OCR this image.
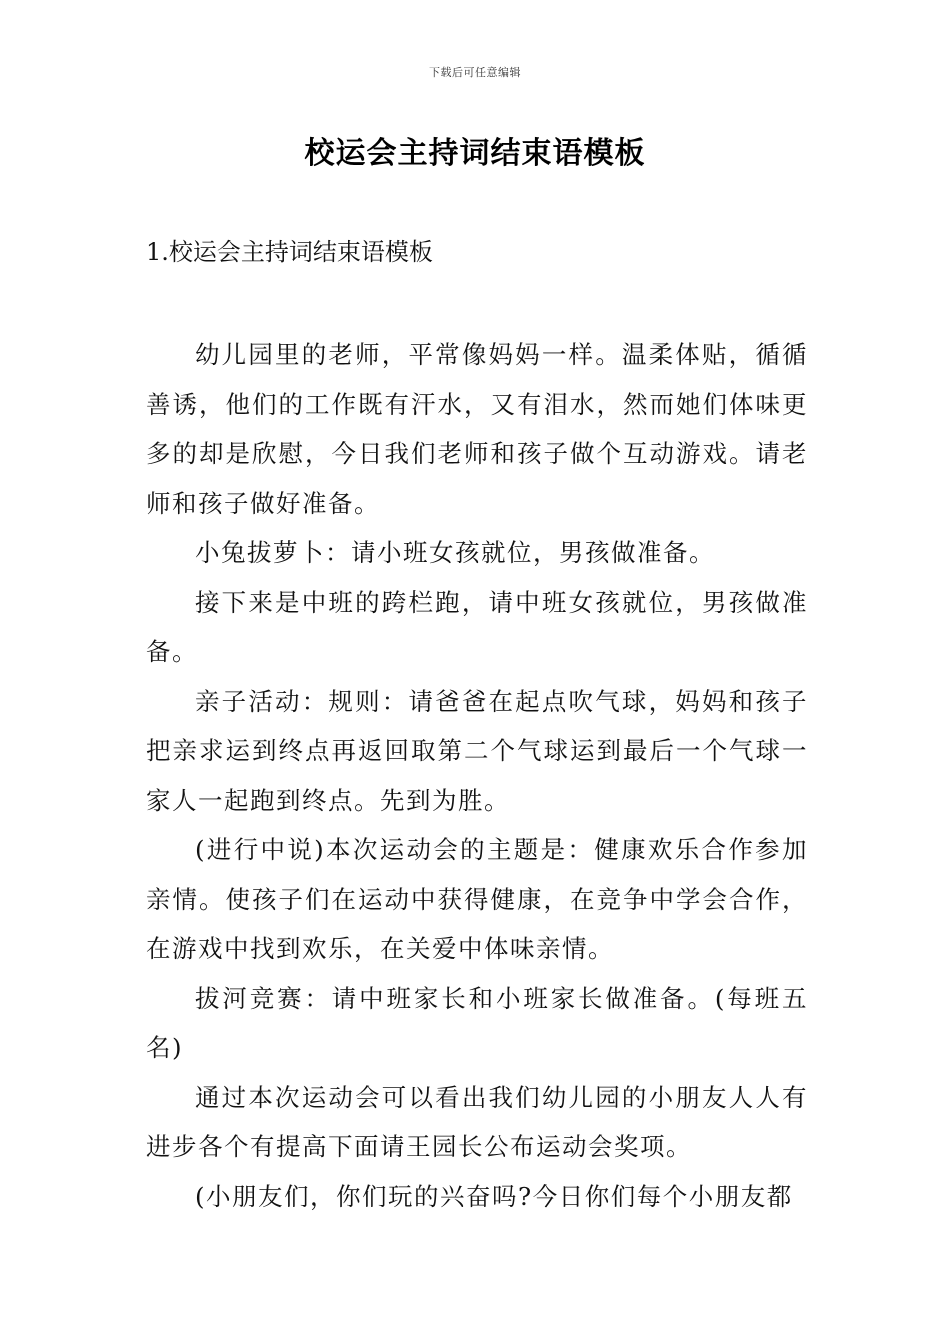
下载后可任意编辑
校运会主持词结束语模板
1.校运会主持词结束语模板

幼儿园里的老师，平常像妈妈一样。温柔体贴，循循善诱，他们的工作既有汗水，又有泪水，然而她们体味更多的却是欣慰，今日我们老师和孩子做个互动游戏。请老师和孩子做好准备。

小兔拔萝卜：请小班女孩就位，男孩做准备。

接下来是中班的跨栏跑，请中班女孩就位，男孩做准备。

亲子活动：规则：请爸爸在起点吹气球，妈妈和孩子把亲求运到终点再返回取第二个气球运到最后一个气球一家人一起跑到终点。先到为胜。

(进行中说)本次运动会的主题是：健康欢乐合作参加亲情。使孩子们在运动中获得健康，在竞争中学会合作，在游戏中找到欢乐，在关爱中体味亲情。

拔河竞赛：请中班家长和小班家长做准备。(每班五名)

通过本次运动会可以看出我们幼儿园的小朋友人人有进步各个有提高下面请王园长公布运动会奖项。

(小朋友们，你们玩的兴奋吗?今日你们每个小朋友都
